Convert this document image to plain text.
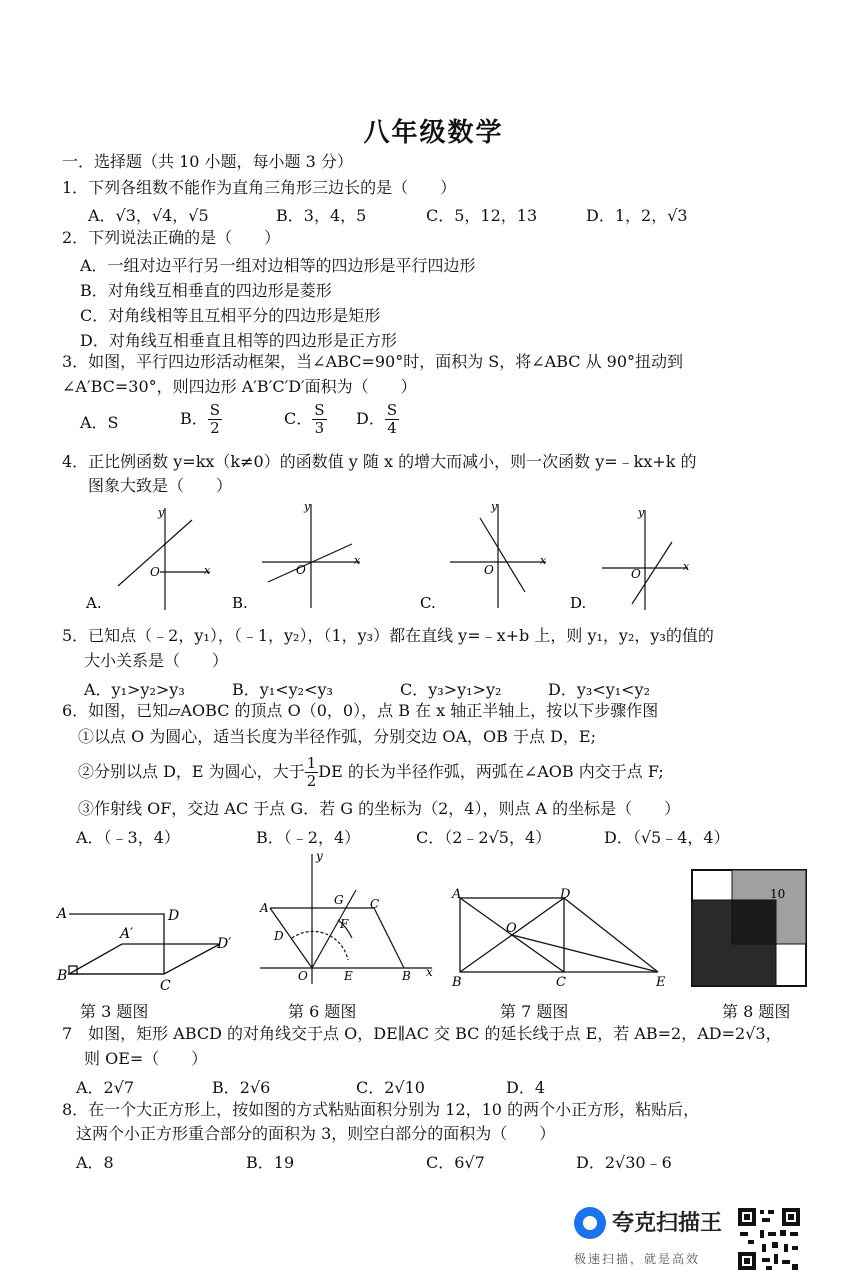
八年级数学
一．选择题（共 10 小题，每小题 3 分）
1．下列各组数不能作为直角三角形三边长的是（　　）
A．√3，√4，√5	B．3，4，5	C．5，12，13	D．1，2，√3
2．下列说法正确的是（　　）
A．一组对边平行另一组对边相等的四边形是平行四边形
B．对角线互相垂直的四边形是菱形
C．对角线相等且互相平分的四边形是矩形
D．对角线互相垂直且相等的四边形是正方形
3．如图，平行四边形活动框架，当∠ABC=90°时，面积为 S，将∠ABC 从 90°扭动到
∠A′BC=30°，则四边形 A′B′C′D′面积为（　　）
A．S	B． $\frac{S}{2}$	C． $\frac{S}{3}$ D． $\frac{S}{4}$
4．正比例函数 y=kx（k≠0）的函数值 y 随 x 的增大而减小，则一次函数 y=﹣kx+k 的
图象大致是（　　）
y
x
O
A.
y
x
O
B.
y
x
O
C.
y
x
O
D.
5．已知点（﹣2，y₁），（﹣1，y₂），（1，y₃）都在直线 y=﹣x+b 上，则 y₁，y₂，y₃的值的
大小关系是（　　）
A．y₁>y₂>y₃	B．y₁<y₂<y₃	C．y₃>y₁>y₂	D．y₃<y₁<y₂
6．如图，已知▱AOBC 的顶点 O（0，0），点 B 在 x 轴正半轴上，按以下步骤作图
①以点 O 为圆心，适当长度为半径作弧，分别交边 OA，OB 于点 D，E;
②分别以点 D，E 为圆心，大于 $\frac{1}{2}$ DE 的长为半径作弧，两弧在∠AOB 内交于点 F;
③作射线 OF，交边 AC 于点 G．若 G 的坐标为（2，4），则点 A 的坐标是（　　）
A．（﹣3，4）	B．（﹣2，4）	C．（2﹣2√5，4）	D．（√5﹣4，4）
A	D
A′
D′
B
C
y
A
G C
F
D
O	E	B x
A	D
O
B	C	E
10
第 3 题图	第 6 题图	第 7 题图	第 8 题图
7　如图，矩形 ABCD 的对角线交于点 O，DE∥AC 交 BC 的延长线于点 E，若 AB=2，AD=2√3，
则 OE=（　　）
A．2√7	B．2√6	C．2√10	D．4
8．在一个大正方形上，按如图的方式粘贴面积分别为 12，10 的两个小正方形，粘贴后，
这两个小正方形重合部分的面积为 3，则空白部分的面积为（　　）
A．8	B．19	C．6√7	D．2√30﹣6
夸克扫描王
极速扫描，就是高效
